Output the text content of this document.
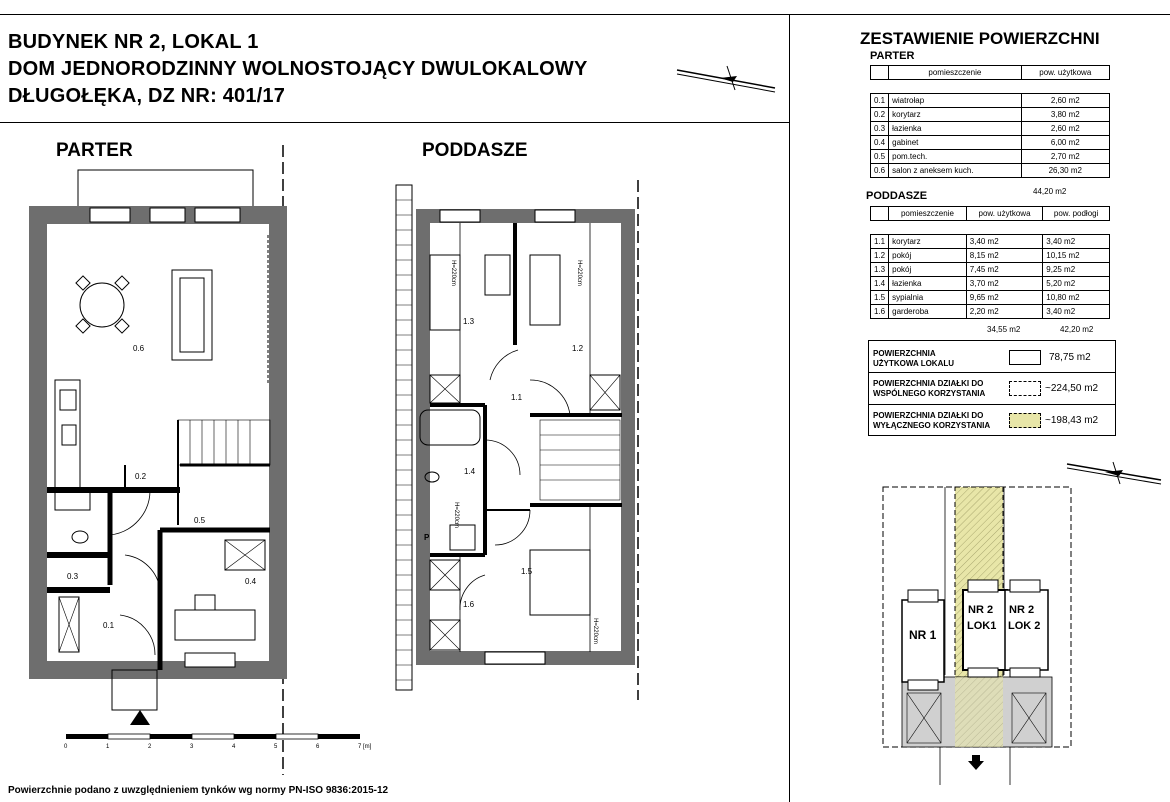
BUDYNEK NR 2, LOKAL 1
DOM JEDNORODZINNY WOLNOSTOJĄCY DWULOKALOWY
DŁUGOŁĘKA, DZ NR: 401/17
PARTER	PODDASZE
0.6
0.2
0.5
0.3
0.4
0.1
1.3
1.2
1.1
1.4
1.5
1.6
P
H=220cm	H=220cm
H=220cm
H=220cm
0	1	2	3	4	5	6	7 [m]
Powierzchnie podano z uwzględnieniem tynków wg normy PN-ISO 9836:2015-12
ZESTAWIENIE POWIERZCHNI
PARTER
	pomieszczenie	pow. użytkowa

0.1	wiatrołap	2,60 m2
0.2	korytarz	3,80 m2
0.3	łazienka	2,60 m2
0.4	gabinet	6,00 m2
0.5	pom.tech.	2,70 m2
0.6	salon z aneksem kuch.	26,30 m2
44,20 m2
PODDASZE
	pomieszczenie	pow. użytkowa	pow. podłogi

1.1	korytarz	3,40 m2	3,40 m2
1.2	pokój	8,15 m2	10,15 m2
1.3	pokój	7,45 m2	9,25 m2
1.4	łazienka	3,70 m2	5,20 m2
1.5	sypialnia	9,65 m2	10,80 m2
1.6	garderoba	2,20 m2	3,40 m2
34,55 m2	42,20 m2
POWIERZCHNIA
UŻYTKOWA LOKALU
78,75 m2
POWIERZCHNIA DZIAŁKI DO
WSPÓLNEGO KORZYSTANIA	~224,50 m2
POWIERZCHNIA DZIAŁKI DO
WYŁĄCZNEGO KORZYSTANIA	~198,43 m2
NR 1
NR 2
LOK1
NR 2
LOK 2
